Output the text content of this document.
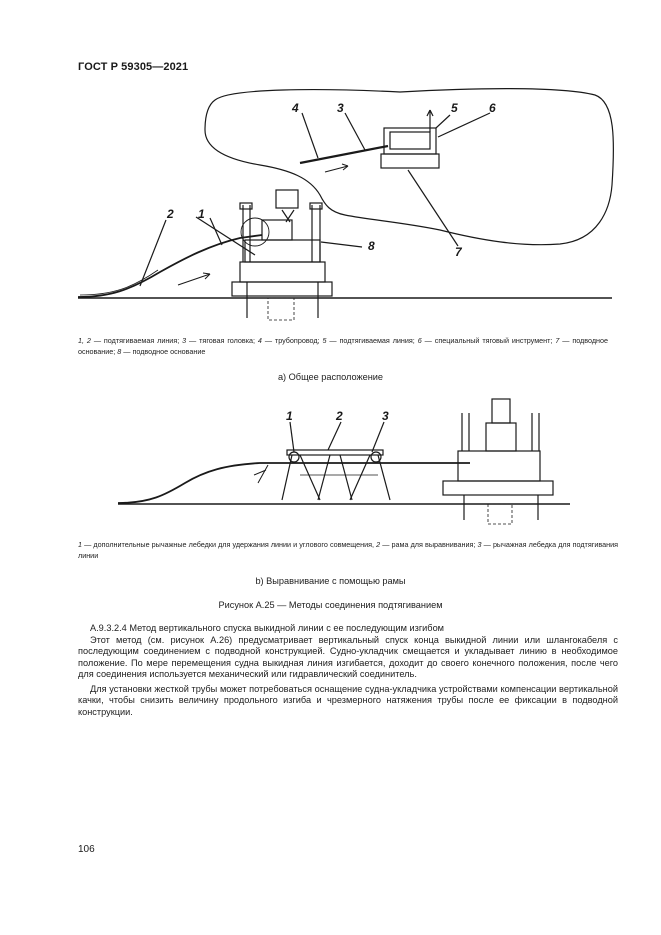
ГОСТ Р 59305—2021
1
2
3
4	5	6
7
8
1, 2 — подтягиваемая линия; 3 — тяговая головка; 4 — трубопровод; 5 — подтягиваемая линия; 6 — специальный тяговый инструмент; 7 — подводное основание; 8 — подводное основание
a) Общее расположение
1	2	3
1 — дополнительные рычажные лебедки для удержания линии и углового совмещения, 2 — рама для выравнивания; 3 — рычажная лебедка для подтягивания линии
b) Выравнивание с помощью рамы
Рисунок А.25 — Методы соединения подтягиванием
А.9.3.2.4 Метод вертикального спуска выкидной линии с ее последующим изгибом
Этот метод (см. рисунок А.26) предусматривает вертикальный спуск конца выкидной линии или шлангокабеля с последующим соединением с подводной конструкцией. Судно-укладчик смещается и укладывает линию в необходимое положение. По мере перемещения судна выкидная линия изгибается, доходит до своего конечного положения, после чего для соединения используется механический или гидравлический соединитель.
Для установки жесткой трубы может потребоваться оснащение судна-укладчика устройствами компенсации вертикальной качки, чтобы снизить величину продольного изгиба и чрезмерного натяжения трубы после ее фиксации в подводной конструкции.
106
